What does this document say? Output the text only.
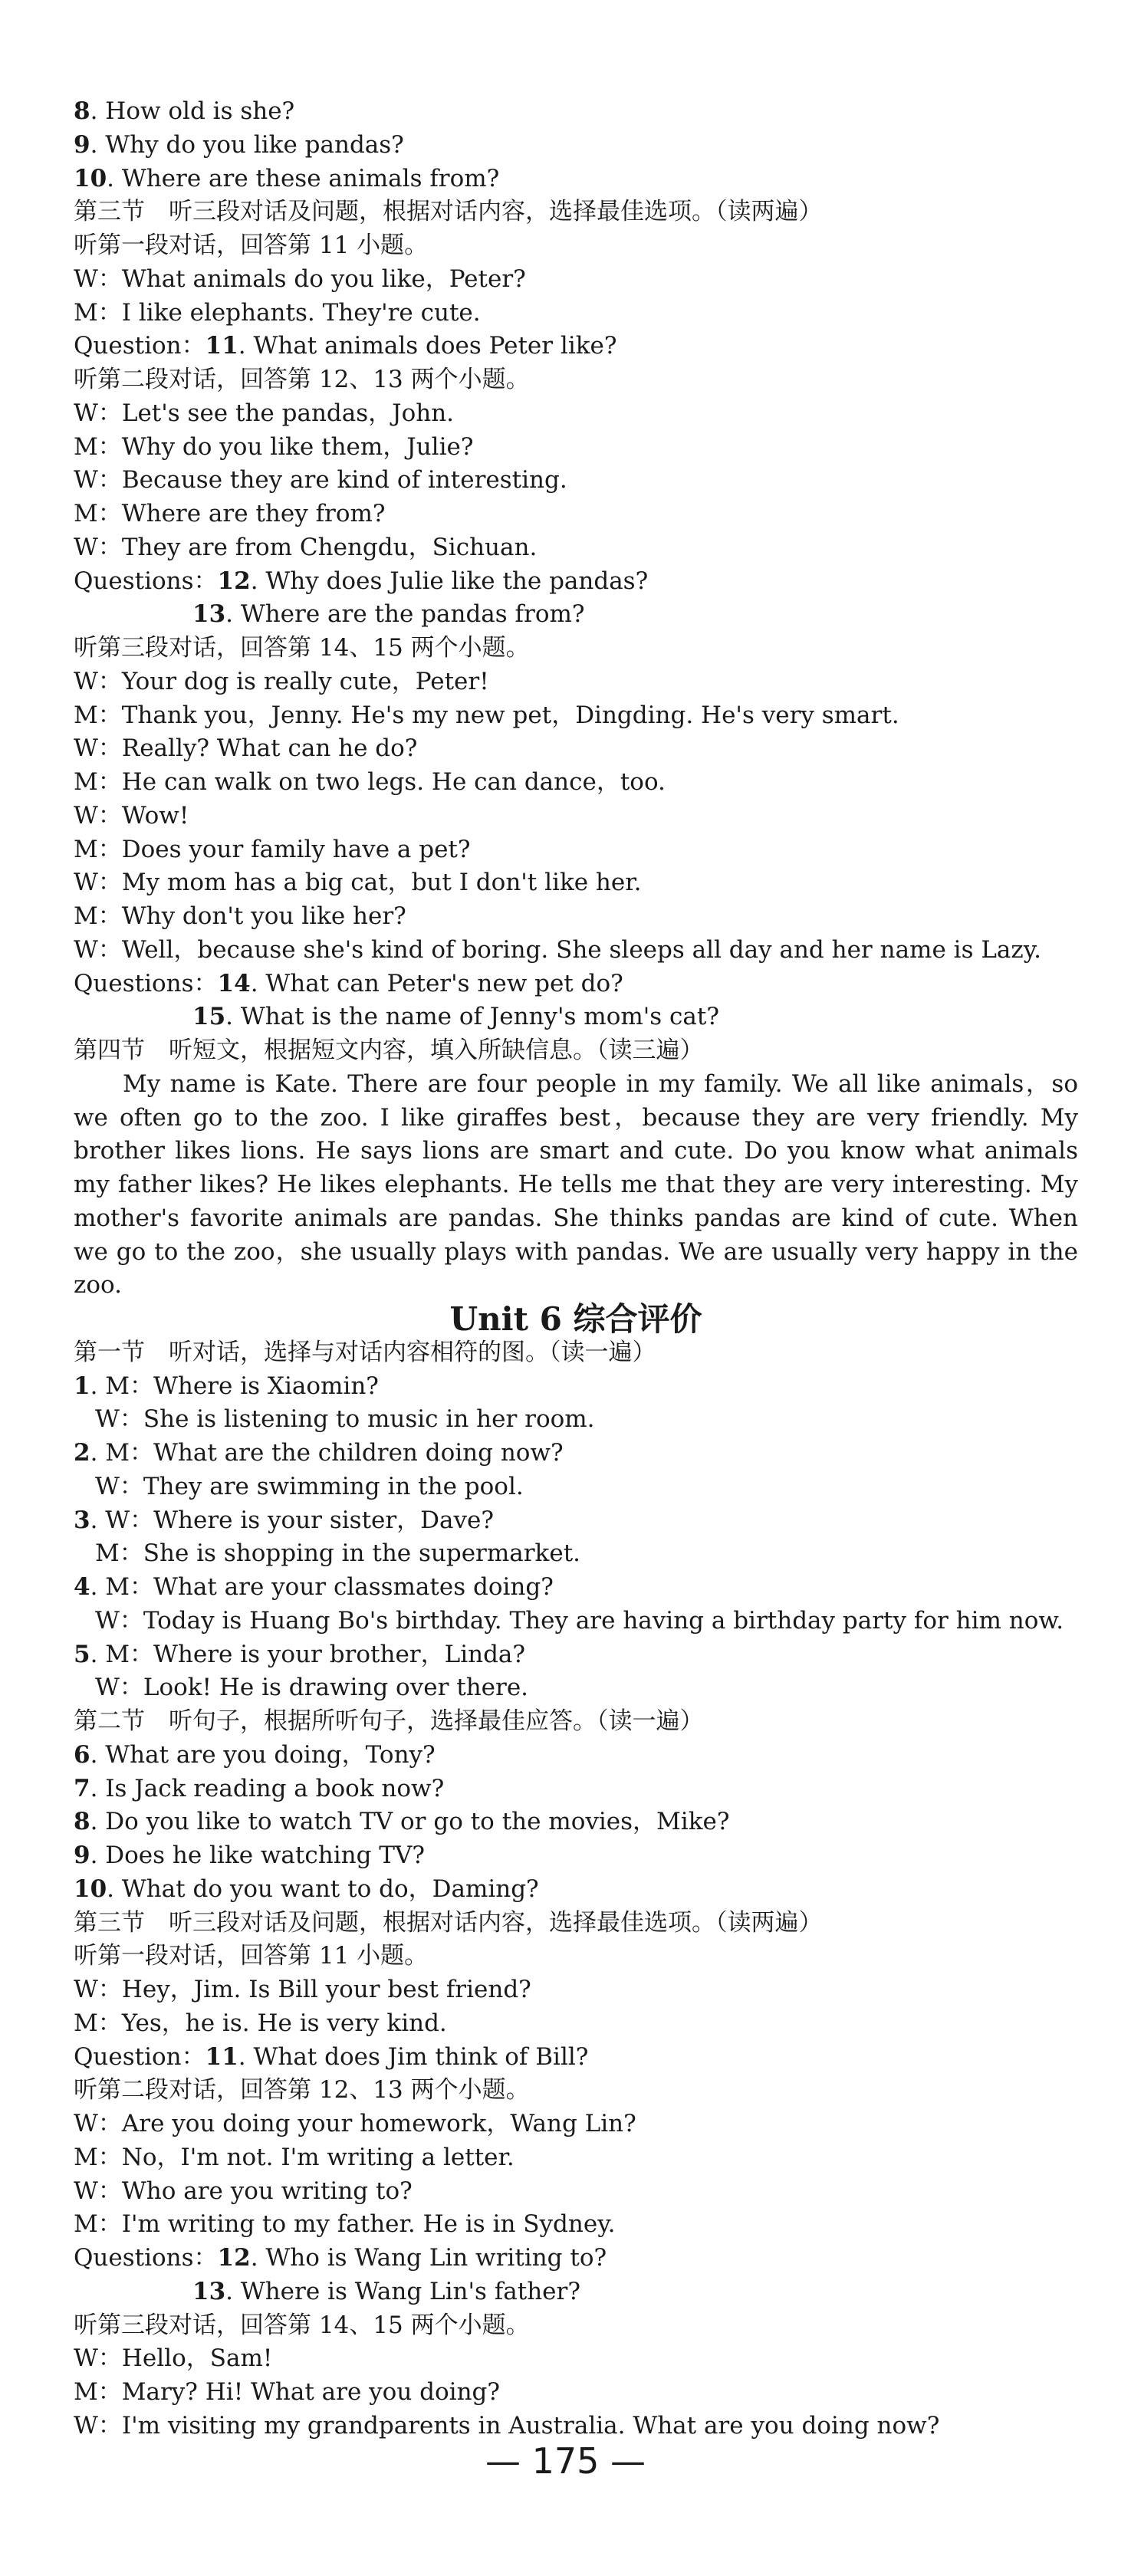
8. How old is she?
9. Why do you like pandas?
10. Where are these animals from?
第三节　听三段对话及问题，根据对话内容，选择最佳选项。（读两遍）
听第一段对话，回答第 11 小题。
W：What animals do you like，Peter?
M：I like elephants. They're cute.
Question：11. What animals does Peter like?
听第二段对话，回答第 12、13 两个小题。
W：Let's see the pandas，John.
M：Why do you like them，Julie?
W：Because they are kind of interesting.
M：Where are they from?
W：They are from Chengdu，Sichuan.
Questions：12. Why does Julie like the pandas?
13. Where are the pandas from?
听第三段对话，回答第 14、15 两个小题。
W：Your dog is really cute，Peter!
M：Thank you，Jenny. He's my new pet，Dingding. He's very smart.
W：Really? What can he do?
M：He can walk on two legs. He can dance，too.
W：Wow!
M：Does your family have a pet?
W：My mom has a big cat，but I don't like her.
M：Why don't you like her?
W：Well，because she's kind of boring. She sleeps all day and her name is Lazy.
Questions：14. What can Peter's new pet do?
15. What is the name of Jenny's mom's cat?
第四节　听短文，根据短文内容，填入所缺信息。（读三遍）
My name is Kate. There are four people in my family. We all like animals，so we often go to the zoo. I like giraffes best，because they are very friendly. My brother likes lions. He says lions are smart and cute. Do you know what animals my father likes? He likes elephants. He tells me that they are very interesting. My mother's favorite animals are pandas. She thinks pandas are kind of cute. When we go to the zoo，she usually plays with pandas. We are usually very happy in the zoo.
Unit 6 综合评价
第一节　听对话，选择与对话内容相符的图。（读一遍）
1. M：Where is Xiaomin?
W：She is listening to music in her room.
2. M：What are the children doing now?
W：They are swimming in the pool.
3. W：Where is your sister，Dave?
M：She is shopping in the supermarket.
4. M：What are your classmates doing?
W：Today is Huang Bo's birthday. They are having a birthday party for him now.
5. M：Where is your brother，Linda?
W：Look! He is drawing over there.
第二节　听句子，根据所听句子，选择最佳应答。（读一遍）
6. What are you doing，Tony?
7. Is Jack reading a book now?
8. Do you like to watch TV or go to the movies，Mike?
9. Does he like watching TV?
10. What do you want to do，Daming?
第三节　听三段对话及问题，根据对话内容，选择最佳选项。（读两遍）
听第一段对话，回答第 11 小题。
W：Hey，Jim. Is Bill your best friend?
M：Yes，he is. He is very kind.
Question：11. What does Jim think of Bill?
听第二段对话，回答第 12、13 两个小题。
W：Are you doing your homework，Wang Lin?
M：No，I'm not. I'm writing a letter.
W：Who are you writing to?
M：I'm writing to my father. He is in Sydney.
Questions：12. Who is Wang Lin writing to?
13. Where is Wang Lin's father?
听第三段对话，回答第 14、15 两个小题。
W：Hello，Sam!
M：Mary? Hi! What are you doing?
W：I'm visiting my grandparents in Australia. What are you doing now?
— 175 —
